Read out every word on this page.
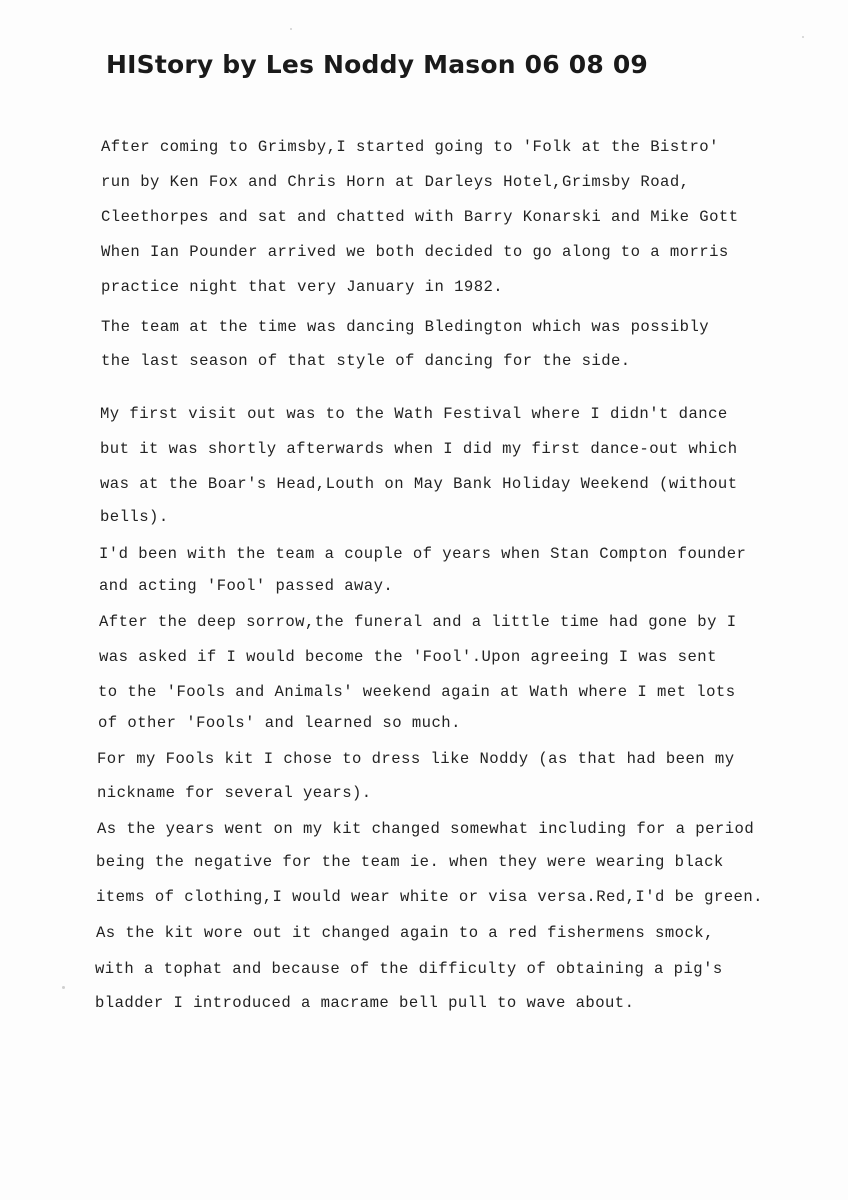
HIStory by Les Noddy Mason 06 08 09
After coming to Grimsby,I started going to 'Folk at the Bistro'
run by Ken Fox and Chris Horn at Darleys Hotel,Grimsby Road,
Cleethorpes and sat and chatted with Barry Konarski and Mike Gott
When Ian Pounder arrived we both decided to go along to a morris
practice night that very January in 1982.
The team at the time was dancing Bledington which was possibly
the last season of that style of dancing for the side.
My first visit out was to the Wath Festival where I didn't dance
but it was shortly afterwards when I did my first dance-out which
was at the Boar's Head,Louth on May Bank Holiday Weekend (without
bells).
I'd been with the team a couple of years when Stan Compton founder
and acting 'Fool' passed away.
After the deep sorrow,the funeral and a little time had gone by I
was asked if I would become the 'Fool'.Upon agreeing I was sent
to the 'Fools and Animals' weekend again at Wath where I met lots
of other 'Fools' and learned so much.
For my Fools kit I chose to dress like Noddy (as that had been my
nickname for several years).
As the years went on my kit changed somewhat including for a period
being the negative for the team ie. when they were wearing black
items of clothing,I would wear white or visa versa.Red,I'd be green.
As the kit wore out it changed again to a red fishermens smock,
with a tophat and because of the difficulty of obtaining a pig's
bladder I introduced a macrame bell pull to wave about.
